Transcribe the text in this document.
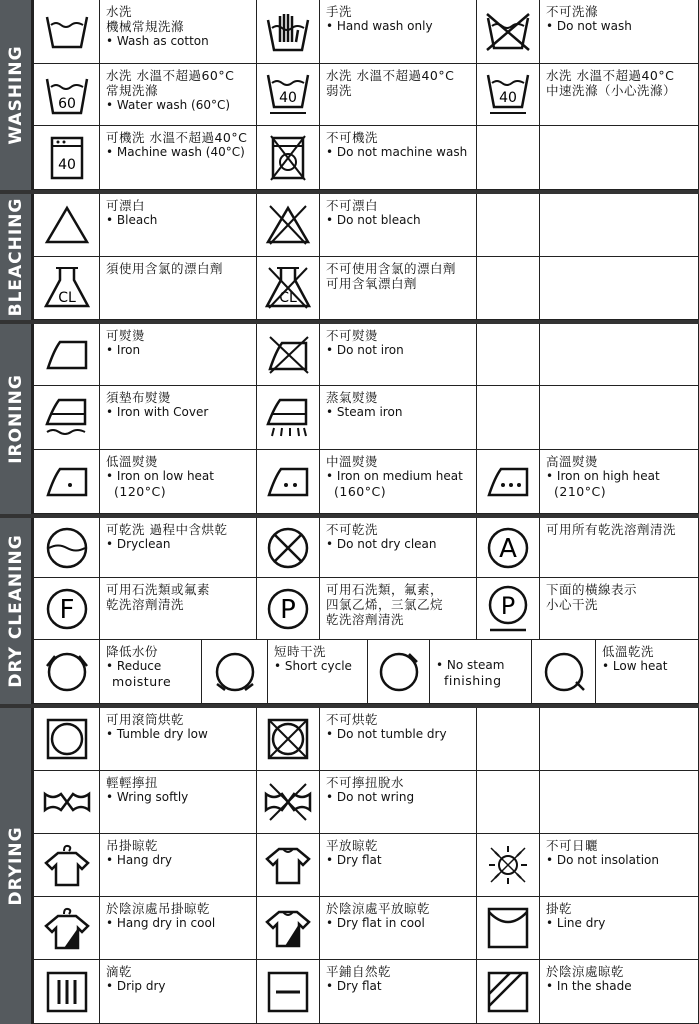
WASHING
水洗
機械常規洗滌
• Wash as cotton
手洗
• Hand wash only
不可洗滌
• Do not wash
60
水洗 水溫不超過60°C
常規洗滌
• Water wash (60°C)	40
水洗 水溫不超過40°C
弱洗	40
水洗 水溫不超過40°C
中速洗滌（小心洗滌）
40
可機洗 水溫不超過40°C
• Machine wash (40°C)
不可機洗
• Do not machine wash
BLEACHING	可漂白
• Bleach
不可漂白
• Do not bleach
CL
須使用含氯的漂白劑
CL
不可使用含氯的漂白劑
可用含氧漂白劑
IRONING
可熨燙
• Iron
不可熨燙
• Do not iron
須墊布熨燙
• Iron with Cover
蒸氣熨燙
• Steam iron
低溫熨燙
• Iron on low heat
(120°C)
中溫熨燙
• Iron on medium heat
(160°C)
高溫熨燙
• Iron on high heat
(210°C)
DRY CLEANING
可乾洗 過程中含烘乾
• Dryclean
不可乾洗
• Do not dry clean	A
可用所有乾洗溶劑清洗
F
可用石洗類或氟素
乾洗溶劑清洗	P
可用石洗類，氟素，
四氯乙烯，三氯乙烷
乾洗溶劑清洗	P
下面的橫線表示
小心干洗
降低水份
• Reduce
moisture
短時干洗
• Short cycle
•	No steam
finishing
低溫乾洗
• Low heat
DRYING
可用滾筒烘乾
• Tumble dry low
不可烘乾
• Do not tumble dry
輕輕擰扭
• Wring softly
不可擰扭脫水
• Do not wring
吊掛晾乾
• Hang dry
平放晾乾
• Dry flat
不可日曬
• Do not insolation
於陰涼處吊掛晾乾
• Hang dry in cool
於陰涼處平放晾乾
• Dry flat in cool
掛乾
• Line dry
滴乾
• Drip dry
平鋪自然乾
• Dry flat
於陰涼處晾乾
• In the shade
